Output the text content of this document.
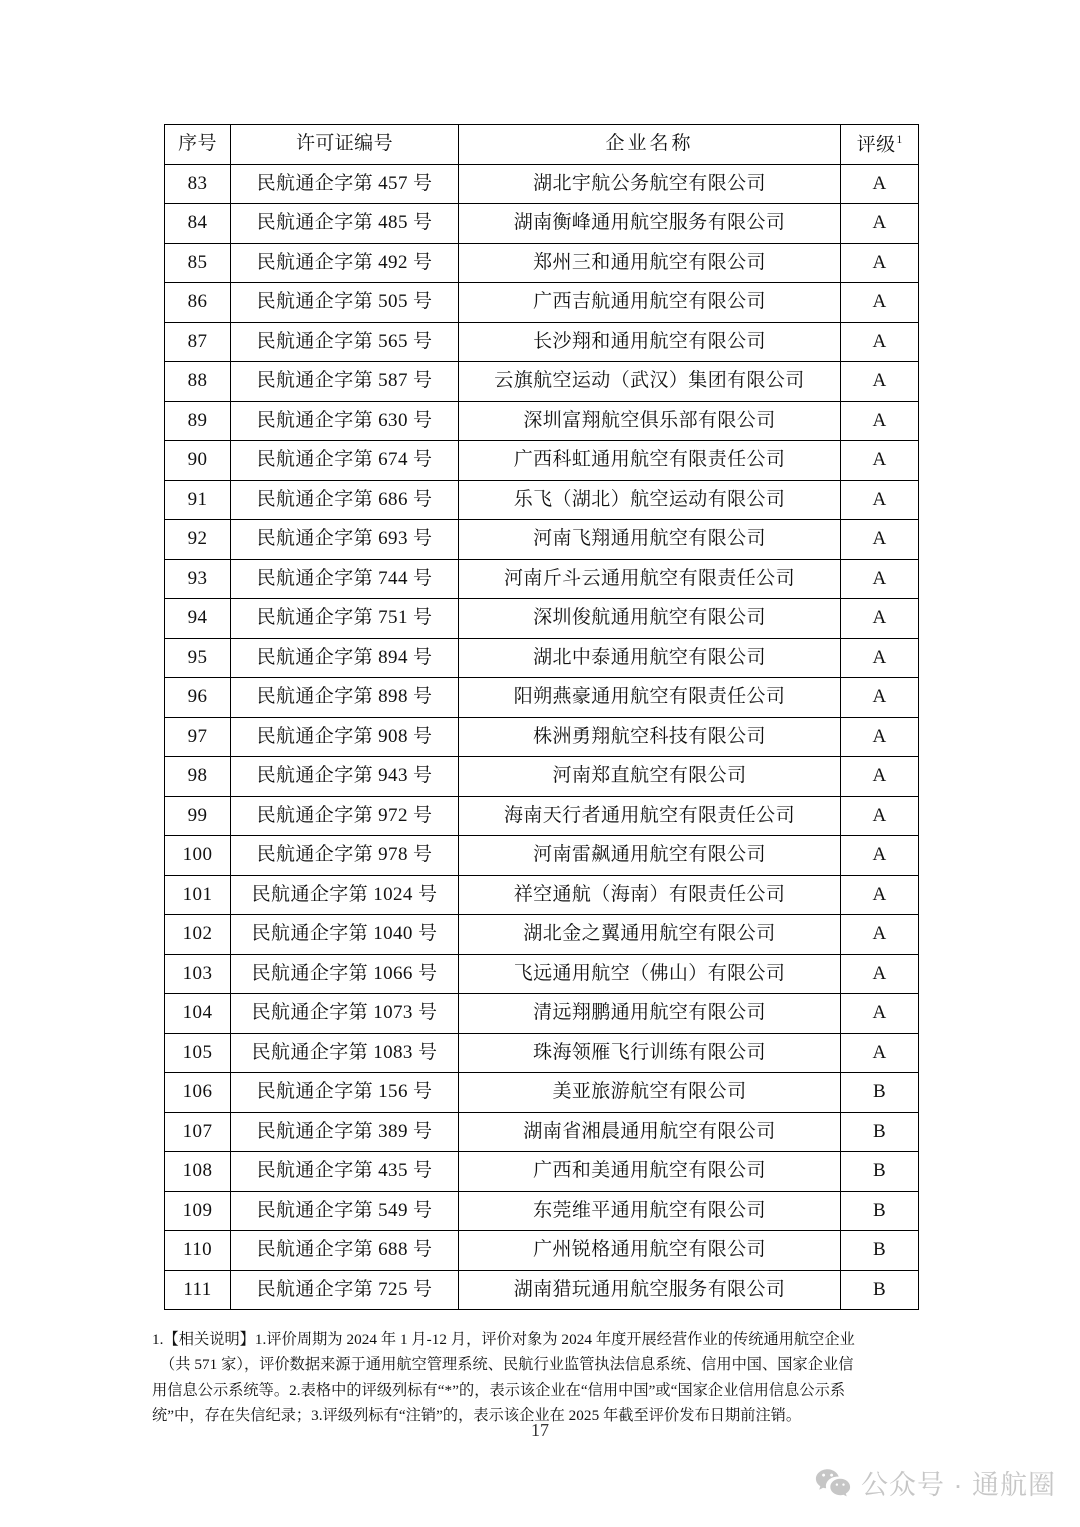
序号	许可证编号	企业名称	评级$^1$
83	民航通企字第 457 号	湖北宇航公务航空有限公司	A
84	民航通企字第 485 号	湖南衡峰通用航空服务有限公司	A
85	民航通企字第 492 号	郑州三和通用航空有限公司	A
86	民航通企字第 505 号	广西吉航通用航空有限公司	A
87	民航通企字第 565 号	长沙翔和通用航空有限公司	A
88	民航通企字第 587 号	云旗航空运动（武汉）集团有限公司	A
89	民航通企字第 630 号	深圳富翔航空俱乐部有限公司	A
90	民航通企字第 674 号	广西科虹通用航空有限责任公司	A
91	民航通企字第 686 号	乐飞（湖北）航空运动有限公司	A
92	民航通企字第 693 号	河南飞翔通用航空有限公司	A
93	民航通企字第 744 号	河南斤斗云通用航空有限责任公司	A
94	民航通企字第 751 号	深圳俊航通用航空有限公司	A
95	民航通企字第 894 号	湖北中泰通用航空有限公司	A
96	民航通企字第 898 号	阳朔燕豪通用航空有限责任公司	A
97	民航通企字第 908 号	株洲勇翔航空科技有限公司	A
98	民航通企字第 943 号	河南郑直航空有限公司	A
99	民航通企字第 972 号	海南天行者通用航空有限责任公司	A
100	民航通企字第 978 号	河南雷飙通用航空有限公司	A
101	民航通企字第 1024 号	祥空通航（海南）有限责任公司	A
102	民航通企字第 1040 号	湖北金之翼通用航空有限公司	A
103	民航通企字第 1066 号	飞远通用航空（佛山）有限公司	A
104	民航通企字第 1073 号	清远翔鹏通用航空有限公司	A
105	民航通企字第 1083 号	珠海领雁飞行训练有限公司	A
106	民航通企字第 156 号	美亚旅游航空有限公司	B
107	民航通企字第 389 号	湖南省湘晨通用航空有限公司	B
108	民航通企字第 435 号	广西和美通用航空有限公司	B
109	民航通企字第 549 号	东莞维平通用航空有限公司	B
110	民航通企字第 688 号	广州锐格通用航空有限公司	B
111	民航通企字第 725 号	湖南猎玩通用航空服务有限公司	B
1.【相关说明】1.评价周期为 2024 年 1 月-12 月，评价对象为 2024 年度开展经营作业的传统通用航空企业
（共 571 家），评价数据来源于通用航空管理系统、民航行业监管执法信息系统、信用中国、国家企业信
用信息公示系统等。2.表格中的评级列标有“*”的，表示该企业在“信用中国”或“国家企业信用信息公示系
统”中，存在失信纪录；3.评级列标有“注销”的，表示该企业在 2025 年截至评价发布日期前注销。
17
公众号 · 通航圈
